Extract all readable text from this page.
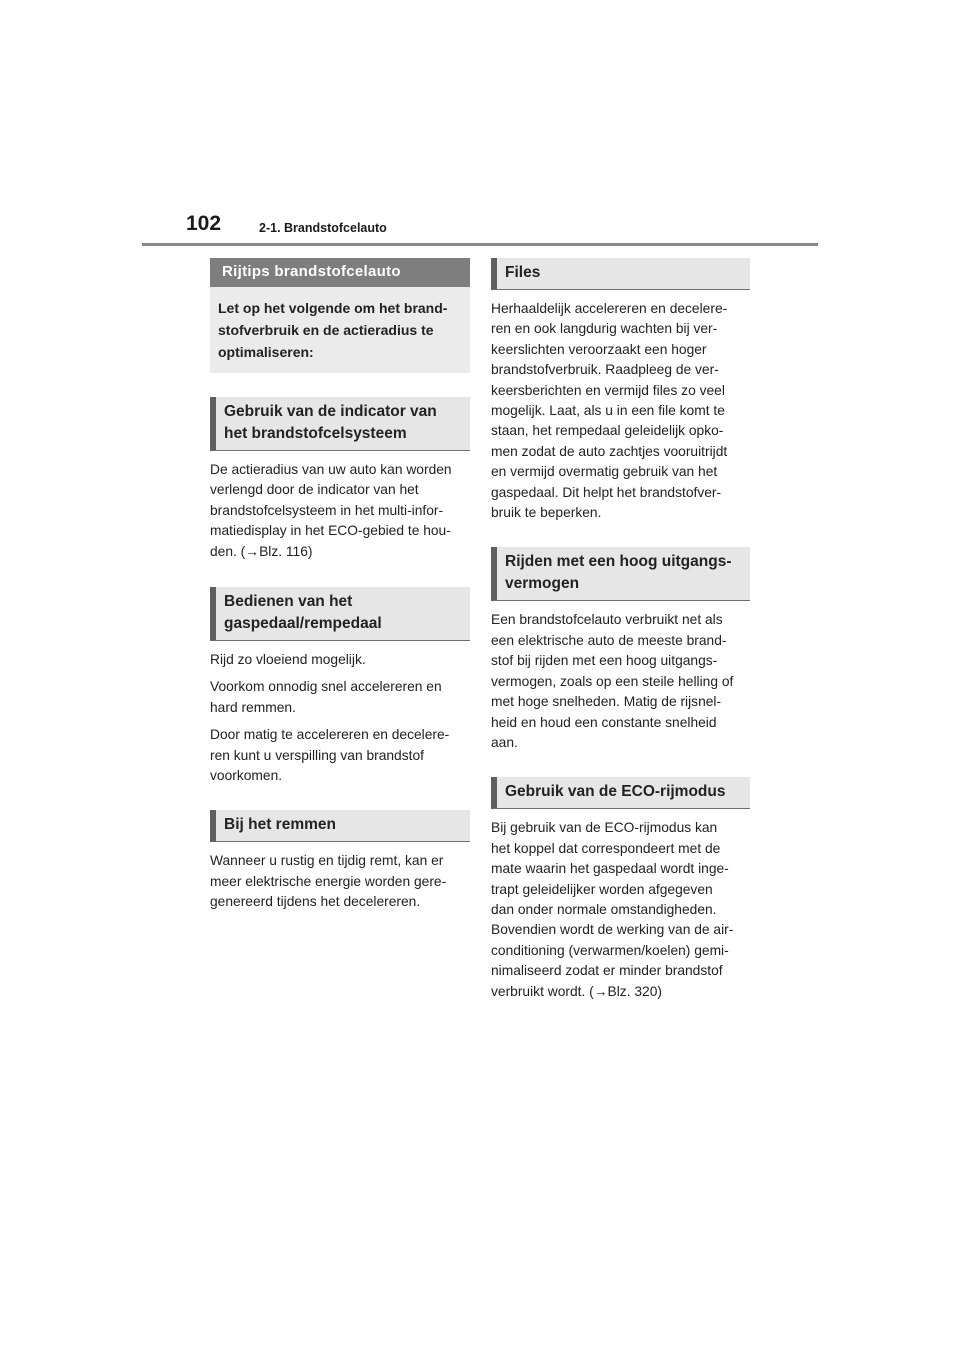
102	2-1. Brandstofcelauto
Rijtips brandstofcelauto
Let op het volgende om het brand-
stofverbruik en de actieradius te
optimaliseren:
Gebruik van de indicator van
het brandstofcelsysteem

De actieradius van uw auto kan worden
verlengd door de indicator van het
brandstofcelsysteem in het multi-infor-
matiedisplay in het ECO-gebied te hou-
den. (→Blz. 116)

Bedienen van het
gaspedaal/rempedaal

Rijd zo vloeiend mogelijk.

Voorkom onnodig snel accelereren en
hard remmen.

Door matig te accelereren en decelere-
ren kunt u verspilling van brandstof
voorkomen.

Bij het remmen

Wanneer u rustig en tijdig remt, kan er
meer elektrische energie worden gere-
genereerd tijdens het decelereren.

Files

Herhaaldelijk accelereren en decelere-
ren en ook langdurig wachten bij ver-
keerslichten veroorzaakt een hoger
brandstofverbruik. Raadpleeg de ver-
keersberichten en vermijd files zo veel
mogelijk. Laat, als u in een file komt te
staan, het rempedaal geleidelijk opko-
men zodat de auto zachtjes vooruitrijdt
en vermijd overmatig gebruik van het
gaspedaal. Dit helpt het brandstofver-
bruik te beperken.

Rijden met een hoog uitgangs-
vermogen

Een brandstofcelauto verbruikt net als
een elektrische auto de meeste brand-
stof bij rijden met een hoog uitgangs-
vermogen, zoals op een steile helling of
met hoge snelheden. Matig de rijsnel-
heid en houd een constante snelheid
aan.

Gebruik van de ECO-rijmodus

Bij gebruik van de ECO-rijmodus kan
het koppel dat correspondeert met de
mate waarin het gaspedaal wordt inge-
trapt geleidelijker worden afgegeven
dan onder normale omstandigheden.
Bovendien wordt de werking van de air-
conditioning (verwarmen/koelen) gemi-
nimaliseerd zodat er minder brandstof
verbruikt wordt. (→Blz. 320)
